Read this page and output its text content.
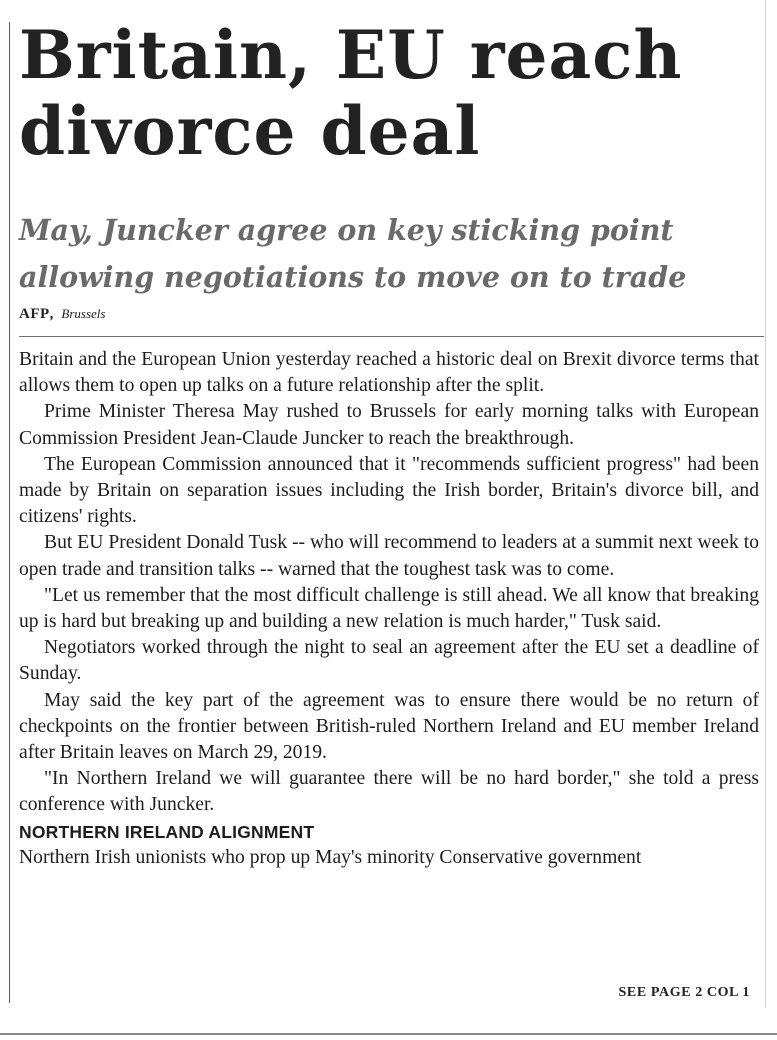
Britain, EU reach
divorce deal
May, Juncker agree on key sticking point
allowing negotiations to move on to trade
AFP, Brussels

Britain and the European Union yesterday reached a historic deal on Brexit divorce terms that allows them to open up talks on a future relationship after the split.

Prime Minister Theresa May rushed to Brussels for early morning talks with European Commission President Jean-Claude Juncker to reach the breakthrough.

The European Commission announced that it "recommends sufficient progress" had been made by Britain on separation issues including the Irish border, Britain's divorce bill, and citizens' rights.

But EU President Donald Tusk -- who will recommend to leaders at a summit next week to open trade and transition talks -- warned that the toughest task was to come.

"Let us remember that the most difficult challenge is still ahead. We all know that breaking up is hard but breaking up and building a new relation is much harder," Tusk said.

Negotiators worked through the night to seal an agreement after the EU set a deadline of Sunday.

May said the key part of the agreement was to ensure there would be no return of checkpoints on the frontier between British-ruled Northern Ireland and EU member Ireland after Britain leaves on March 29, 2019.

"In Northern Ireland we will guarantee there will be no hard border," she told a press conference with Juncker.

NORTHERN IRELAND ALIGNMENT

Northern Irish unionists who prop up May's minority Conservative government

SEE PAGE 2 COL 1
